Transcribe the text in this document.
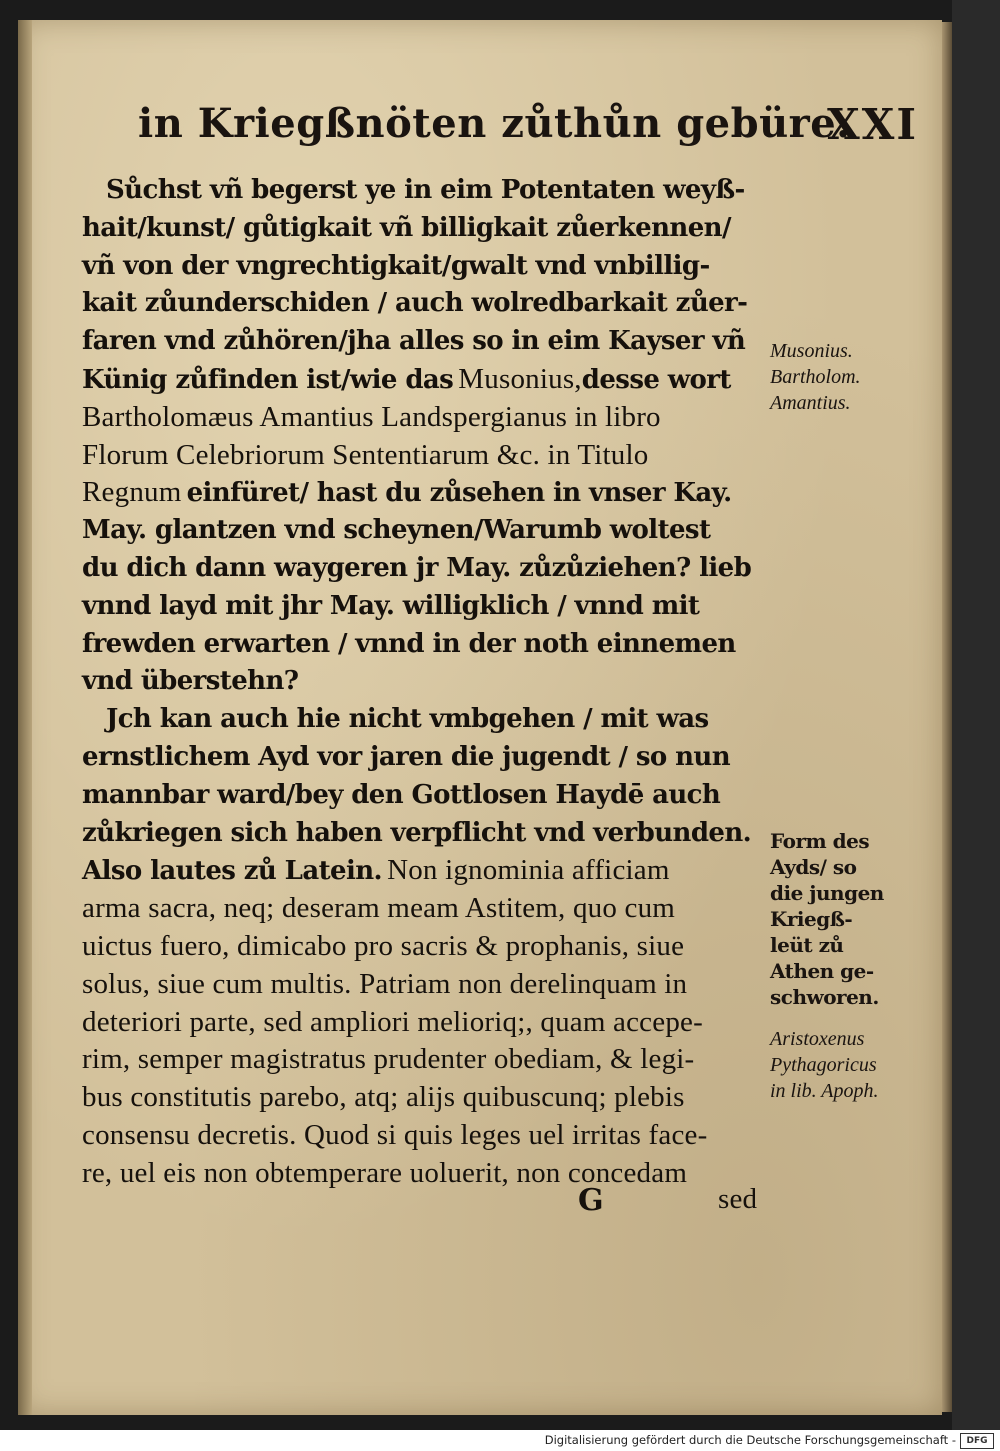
in Kriegßnöten zůthůn gebüre.
XXI
Sůchst vñ begerst ye in eim Potentaten weyß-
hait/kunst/ gůtigkait vñ billigkait zůerkennen/
vñ von der vngrechtigkait/gwalt vnd vnbillig-
kait zůunderschiden / auch wolredbarkait zůer-
faren vnd zůhören/jha alles so in eim Kayser vñ
Künig zůfinden ist/wie das Musonius,desse wort
Bartholomæus Amantius Landspergianus in libro
Florum Celebriorum Sententiarum &c. in Titulo
Regnum einfüret/ hast du zůsehen in vnser Kay.
May. glantzen vnd scheynen/Warumb woltest
du dich dann waygeren jr May. zůzůziehen? lieb
vnnd layd mit jhr May. willigklich / vnnd mit
frewden erwarten / vnnd in der noth einnemen
vnd überstehn?
Jch kan auch hie nicht vmbgehen / mit was
ernstlichem Ayd vor jaren die jugendt / so nun
mannbar ward/bey den Gottlosen Haydē auch
zůkriegen sich haben verpflicht vnd verbunden.
Also lautes zů Latein. Non ignominia afficiam
arma sacra, neq; deseram meam Astitem, quo cum
uictus fuero, dimicabo pro sacris & prophanis, siue
solus, siue cum multis. Patriam non derelinquam in
deteriori parte, sed ampliori melioriq;, quam accepe-
rim, semper magistratus prudenter obediam, & legi-
bus constitutis parebo, atq; alijs quibuscunq; plebis
consensu decretis. Quod si quis leges uel irritas face-
re, uel eis non obtemperare uoluerit, non concedam
Musonius.
Bartholom.
Amantius.
Form des
Ayds/ so
die jungen
Kriegß-
leüt zů
Athen ge-
schworen.
Aristoxenus
Pythagoricus
in lib. Apoph.
G	sed
Digitalisierung gefördert durch die Deutsche Forschungsgemeinschaft -	DFG
